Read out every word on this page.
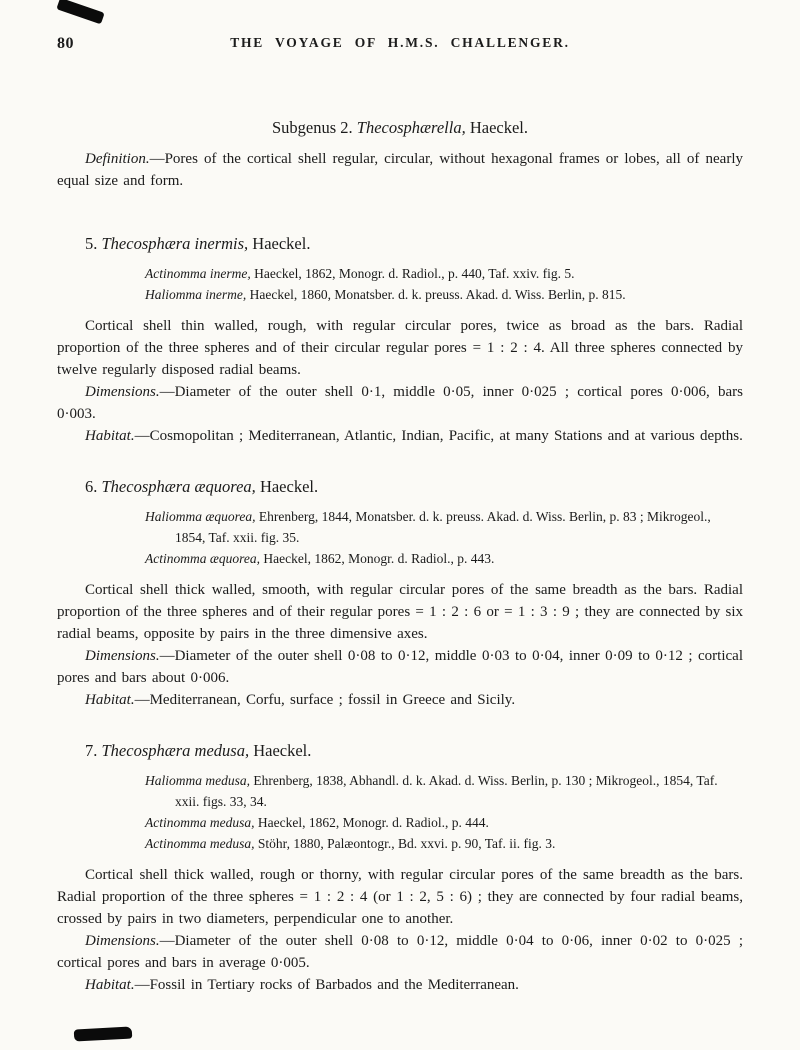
80	THE VOYAGE OF H.M.S. CHALLENGER.
Subgenus 2. Thecosphærella, Haeckel.

Definition.—Pores of the cortical shell regular, circular, without hexagonal frames or lobes, all of nearly equal size and form.

5. Thecosphæra inermis, Haeckel.

Actinomma inerme, Haeckel, 1862, Monogr. d. Radiol., p. 440, Taf. xxiv. fig. 5.

Haliomma inerme, Haeckel, 1860, Monatsber. d. k. preuss. Akad. d. Wiss. Berlin, p. 815.

Cortical shell thin walled, rough, with regular circular pores, twice as broad as the bars. Radial proportion of the three spheres and of their circular regular pores = 1 : 2 : 4. All three spheres connected by twelve regularly disposed radial beams.

Dimensions.—Diameter of the outer shell 0·1, middle 0·05, inner 0·025 ; cortical pores 0·006, bars 0·003.

Habitat.—Cosmopolitan ; Mediterranean, Atlantic, Indian, Pacific, at many Stations and at various depths.

6. Thecosphæra æquorea, Haeckel.

Haliomma æquorea, Ehrenberg, 1844, Monatsber. d. k. preuss. Akad. d. Wiss. Berlin, p. 83 ; Mikrogeol., 1854, Taf. xxii. fig. 35.

Actinomma æquorea, Haeckel, 1862, Monogr. d. Radiol., p. 443.

Cortical shell thick walled, smooth, with regular circular pores of the same breadth as the bars. Radial proportion of the three spheres and of their regular pores = 1 : 2 : 6 or = 1 : 3 : 9 ; they are connected by six radial beams, opposite by pairs in the three dimensive axes.

Dimensions.—Diameter of the outer shell 0·08 to 0·12, middle 0·03 to 0·04, inner 0·09 to 0·12 ; cortical pores and bars about 0·006.

Habitat.—Mediterranean, Corfu, surface ; fossil in Greece and Sicily.

7. Thecosphæra medusa, Haeckel.

Haliomma medusa, Ehrenberg, 1838, Abhandl. d. k. Akad. d. Wiss. Berlin, p. 130 ; Mikrogeol., 1854, Taf. xxii. figs. 33, 34.

Actinomma medusa, Haeckel, 1862, Monogr. d. Radiol., p. 444.

Actinomma medusa, Stöhr, 1880, Palæontogr., Bd. xxvi. p. 90, Taf. ii. fig. 3.

Cortical shell thick walled, rough or thorny, with regular circular pores of the same breadth as the bars. Radial proportion of the three spheres = 1 : 2 : 4 (or 1 : 2, 5 : 6) ; they are connected by four radial beams, crossed by pairs in two diameters, perpendicular one to another.

Dimensions.—Diameter of the outer shell 0·08 to 0·12, middle 0·04 to 0·06, inner 0·02 to 0·025 ; cortical pores and bars in average 0·005.

Habitat.—Fossil in Tertiary rocks of Barbados and the Mediterranean.
